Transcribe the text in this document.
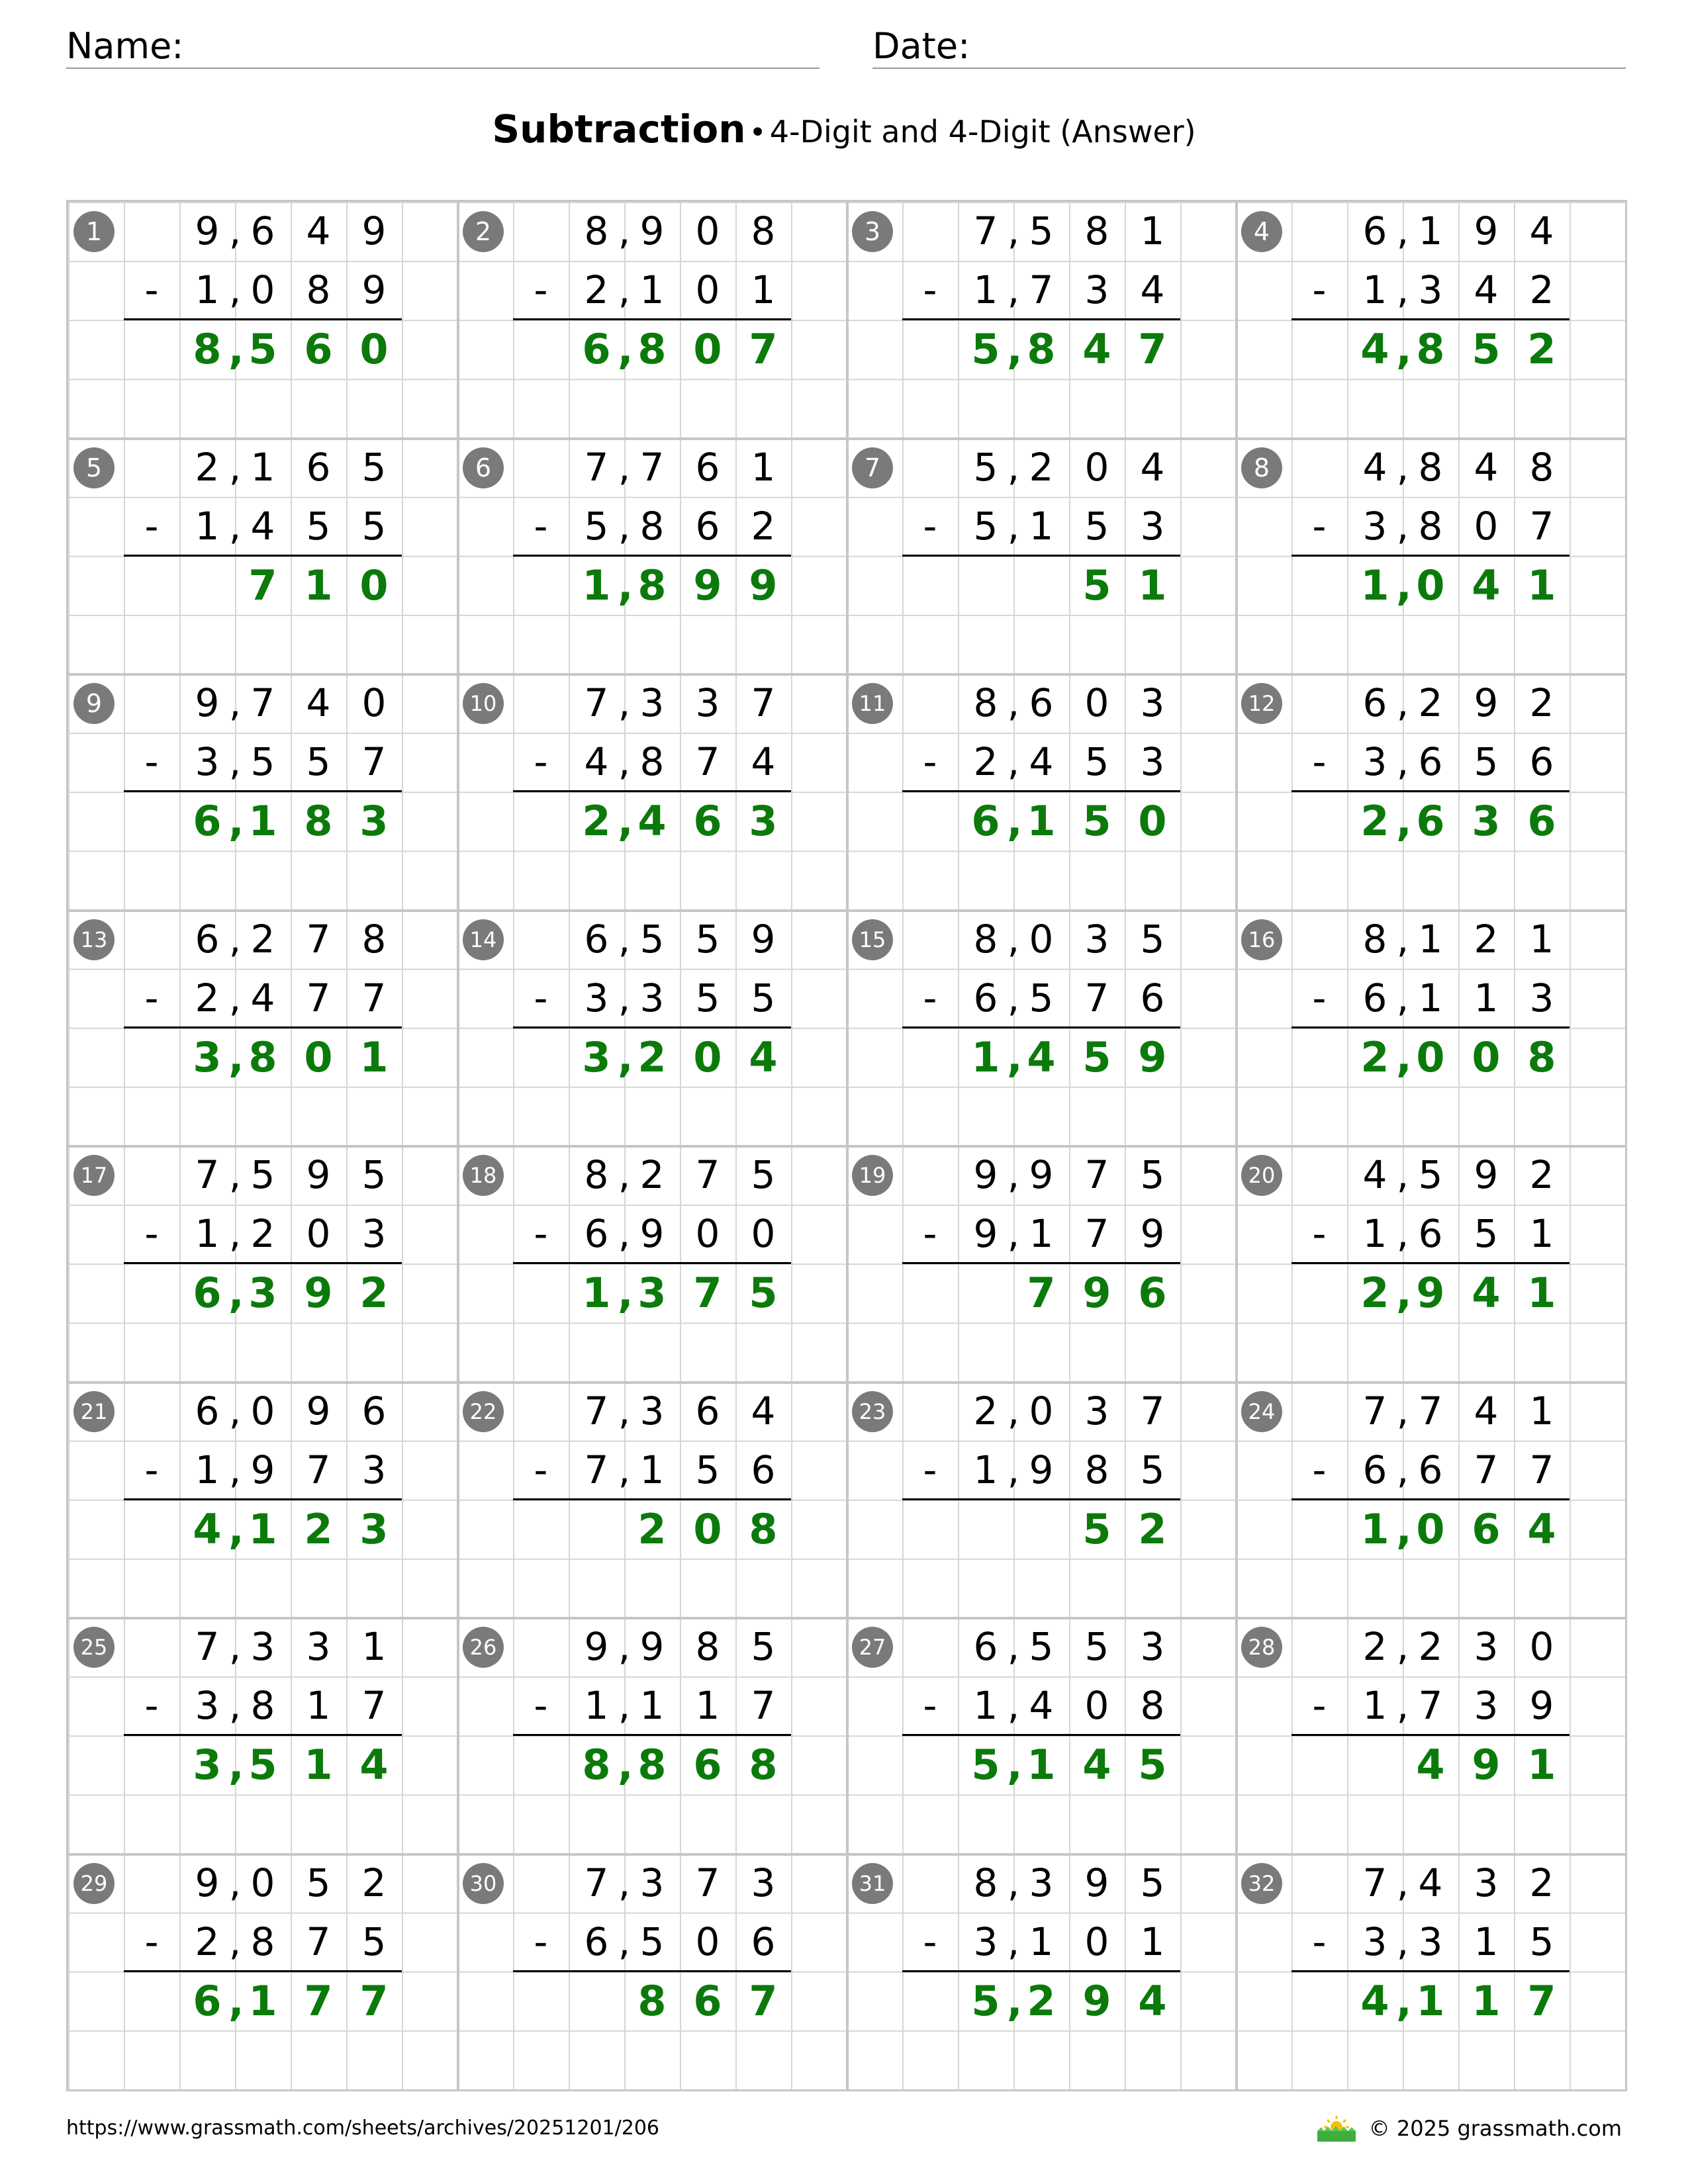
Name:	Date:
Subtraction • 4-Digit and 4-Digit (Answer)
1	9 , 6 4 9
1 , 0 8 9
-
8 , 5 6 0
2	8 , 9 0 8
2 , 1 0 1
-
6 , 8 0 7
3	7 , 5 8 1
1 , 7 3 4
-
5 , 8 4 7
4	6 , 1 9 4
1 , 3 4 2
-
4 , 8 5 2
5	2 , 1 6 5
1 , 4 5 5
-
7 1 0
6	7 , 7 6 1
5 , 8 6 2
-
1 , 8 9 9
7	5 , 2 0 4
5 , 1 5 3
-
5 1
8	4 , 8 4 8
3 , 8 0 7
-
1 , 0 4 1
9	9 , 7 4 0
3 , 5 5 7
-
6 , 1 8 3
10	7 , 3 3 7
4 , 8 7 4
-
2 , 4 6 3
11	8 , 6 0 3
2 , 4 5 3
-
6 , 1 5 0
12	6 , 2 9 2
3 , 6 5 6
-
2 , 6 3 6
13	6 , 2 7 8
2 , 4 7 7
-
3 , 8 0 1
14	6 , 5 5 9
3 , 3 5 5
-
3 , 2 0 4
15	8 , 0 3 5
6 , 5 7 6
-
1 , 4 5 9
16	8 , 1 2 1
6 , 1 1 3
-
2 , 0 0 8
17	7 , 5 9 5
1 , 2 0 3
-
6 , 3 9 2
18	8 , 2 7 5
6 , 9 0 0
-
1 , 3 7 5
19	9 , 9 7 5
9 , 1 7 9
-
7 9 6
20	4 , 5 9 2
1 , 6 5 1
-
2 , 9 4 1
21	6 , 0 9 6
1 , 9 7 3
-
4 , 1 2 3
22	7 , 3 6 4
7 , 1 5 6
-
2 0 8
23	2 , 0 3 7
1 , 9 8 5
-
5 2
24	7 , 7 4 1
6 , 6 7 7
-
1 , 0 6 4
25	7 , 3 3 1
3 , 8 1 7
-
3 , 5 1 4
26	9 , 9 8 5
1 , 1 1 7
-
8 , 8 6 8
27	6 , 5 5 3
1 , 4 0 8
-
5 , 1 4 5
28	2 , 2 3 0
1 , 7 3 9
-
4 9 1
29	9 , 0 5 2
2 , 8 7 5
-
6 , 1 7 7
30	7 , 3 7 3
6 , 5 0 6
-
8 6 7
31	8 , 3 9 5
3 , 1 0 1
-
5 , 2 9 4
32	7 , 4 3 2
3 , 3 1 5
-
4 , 1 1 7
https://www.grassmath.com/sheets/archives/20251201/206	© 2025 grassmath.com
